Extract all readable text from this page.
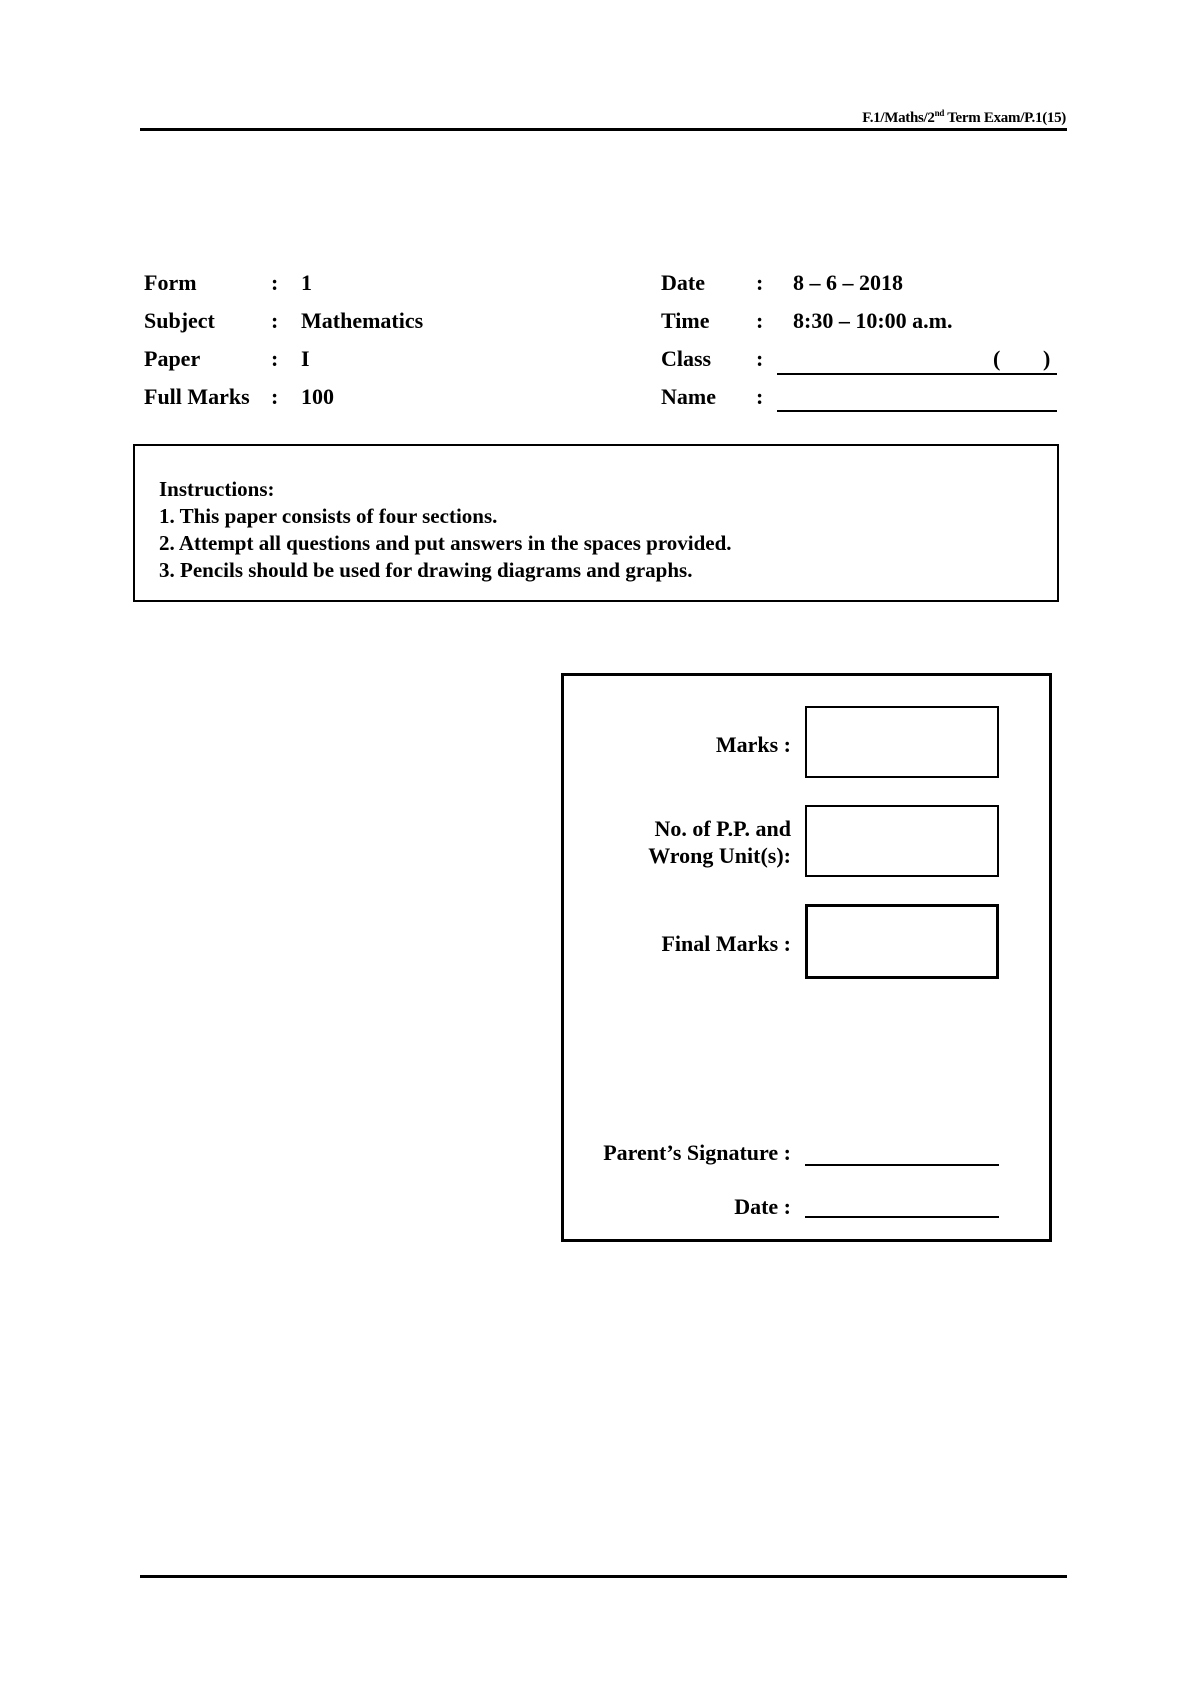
F.1/Maths/2nd Term Exam/P.1(15)
Form	: 1
Subject	: Mathematics
Paper	: I
Full Marks : 100
Date : 8 – 6 – 2018
Time : 8:30 – 10:00 a.m.
Class :	( )
Name :

Instructions:

1. This paper consists of four sections.

2. Attempt all questions and put answers in the spaces provided.

3. Pencils should be used for drawing diagrams and graphs.

Marks :
No. of P.P. and
Wrong Unit(s):
Final Marks :
Parent’s Signature :
Date :
